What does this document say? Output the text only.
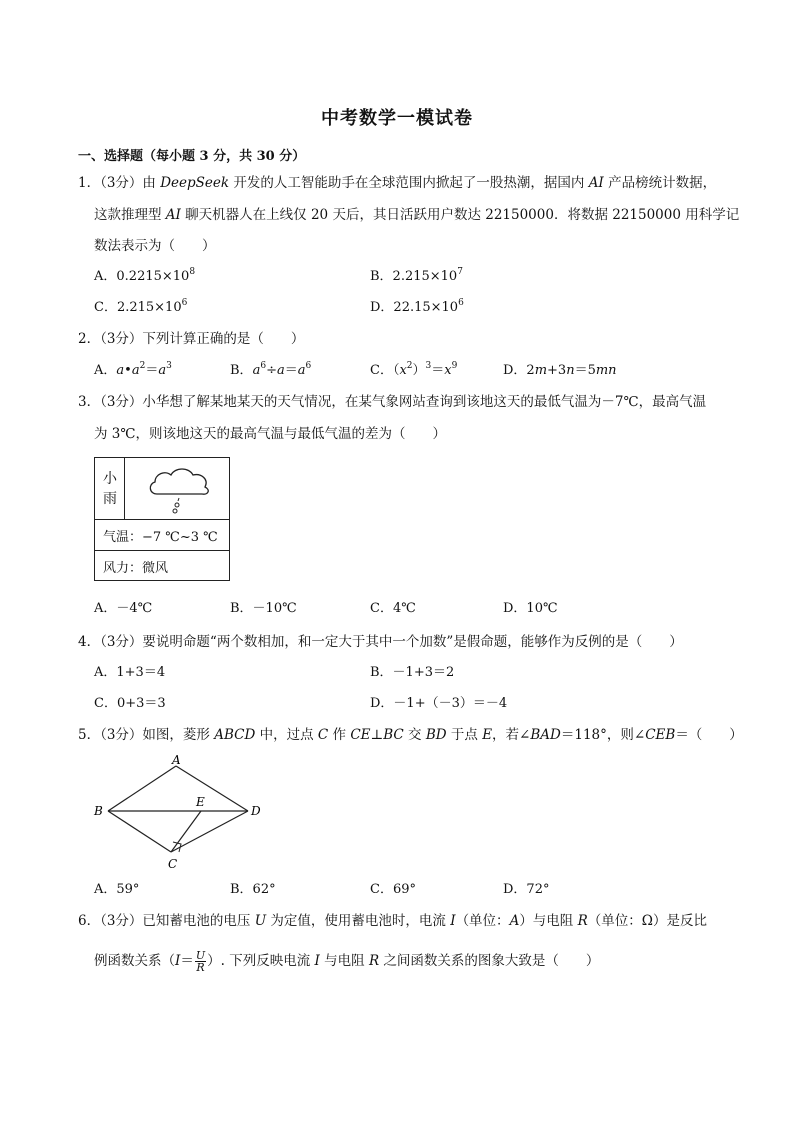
中考数学一模试卷
一、选择题（每小题 3 分，共 30 分）
1．（3分）由 DeepSeek 开发的人工智能助手在全球范围内掀起了一股热潮，据国内 AI 产品榜统计数据，
这款推理型 AI 聊天机器人在上线仅 20 天后，其日活跃用户数达 22150000．将数据 22150000 用科学记
数法表示为（　　）
A．$0.2215\times 10^8$	B．$2.215\times 10^7$
C．$2.215\times 10^6$	D．$22.15\times 10^6$
2．（3分）下列计算正确的是（　　）
A．$a•a^2=a^3$	B．$a^6\div a=a^6$	C．$(x^2)^3=x^9$	D．2m+3n＝5mn
3．（3分）小华想了解某地某天的天气情况，在某气象网站查询到该地这天的最低气温为－7℃，最高气温
为 3℃，则该地这天的最高气温与最低气温的差为（　　）
小
雨
气温：−7 ℃~3 ℃
风力：微风
A．－4℃	B．－10℃	C．4℃	D．10℃
4．（3分）要说明命题“两个数相加，和一定大于其中一个加数”是假命题，能够作为反例的是（　　）
A．1+3＝4	B．－1+3＝2
C．0+3＝3	D．－1+（－3）＝－4
5．（3分）如图，菱形 ABCD 中，过点 C 作 CE⊥BC 交 BD 于点 E，若∠BAD＝118°，则∠CEB＝（　　）
A
B
C
D
E
A．59°	B．62°	C．69°	D．72°
6．（3分）已知蓄电池的电压 U 为定值，使用蓄电池时，电流 I（单位：A）与电阻 R（单位：Ω）是反比
例函数关系（$I= \frac{U}{R}$ ）. 下列反映电流 I 与电阻 R 之间函数关系的图象大致是（　　）
